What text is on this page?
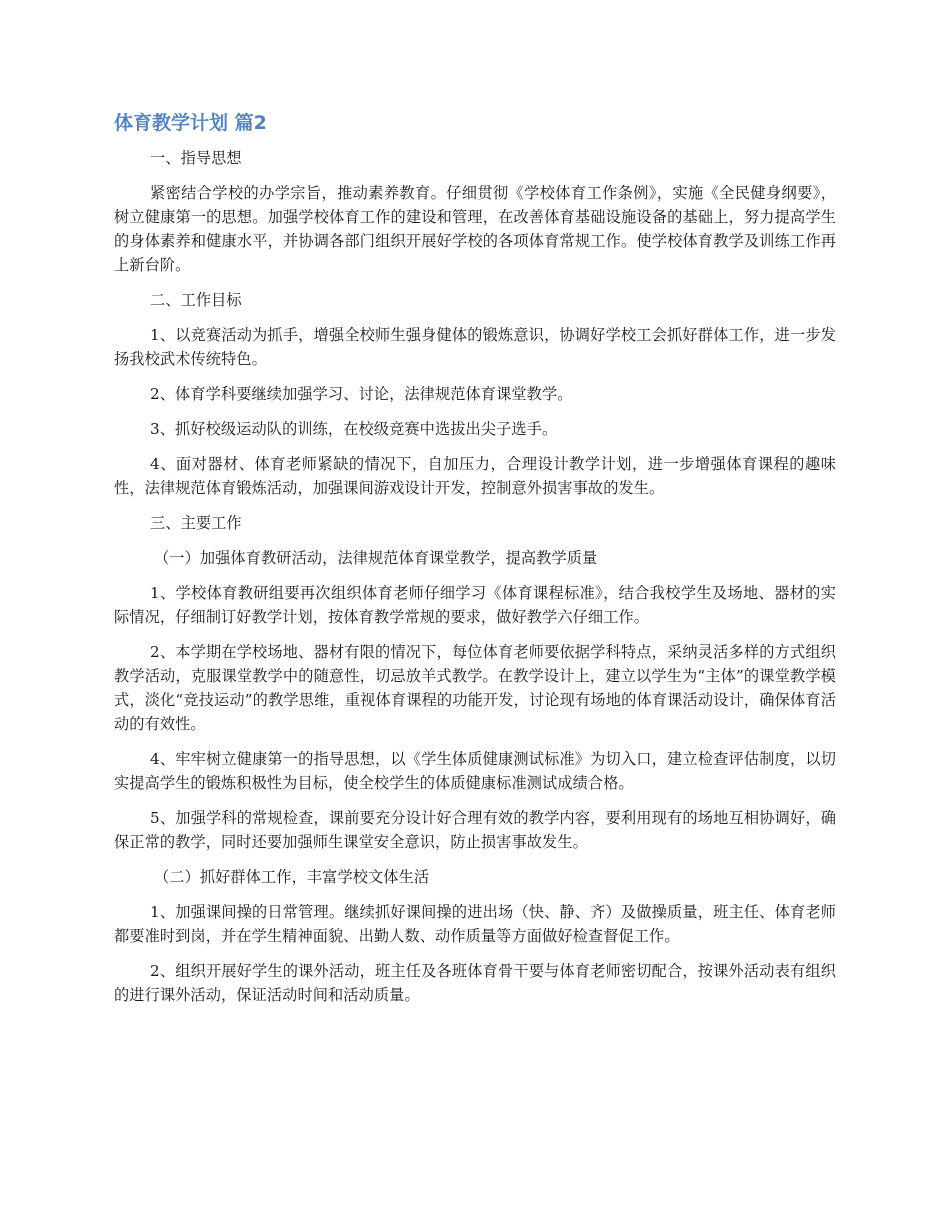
体育教学计划 篇2

一、指导思想

紧密结合学校的办学宗旨，推动素养教育。仔细贯彻《学校体育工作条例》，实施《全民健身纲要》，树立健康第一的思想。加强学校体育工作的建设和管理，在改善体育基础设施设备的基础上，努力提高学生的身体素养和健康水平，并协调各部门组织开展好学校的各项体育常规工作。使学校体育教学及训练工作再上新台阶。

二、工作目标

1、以竞赛活动为抓手，增强全校师生强身健体的锻炼意识，协调好学校工会抓好群体工作，进一步发扬我校武术传统特色。

2、体育学科要继续加强学习、讨论，法律规范体育课堂教学。

3、抓好校级运动队的训练，在校级竞赛中选拔出尖子选手。

4、面对器材、体育老师紧缺的情况下，自加压力，合理设计教学计划，进一步增强体育课程的趣味性，法律规范体育锻炼活动，加强课间游戏设计开发，控制意外损害事故的发生。

三、主要工作

（一）加强体育教研活动，法律规范体育课堂教学，提高教学质量

1、学校体育教研组要再次组织体育老师仔细学习《体育课程标准》，结合我校学生及场地、器材的实际情况，仔细制订好教学计划，按体育教学常规的要求，做好教学六仔细工作。

2、本学期在学校场地、器材有限的情况下，每位体育老师要依据学科特点，采纳灵活多样的方式组织教学活动，克服课堂教学中的随意性，切忌放羊式教学。在教学设计上，建立以学生为“主体”的课堂教学模式，淡化“竞技运动”的教学思维，重视体育课程的功能开发，讨论现有场地的体育课活动设计，确保体育活动的有效性。

4、牢牢树立健康第一的指导思想，以《学生体质健康测试标准》为切入口，建立检查评估制度，以切实提高学生的锻炼积极性为目标，使全校学生的体质健康标准测试成绩合格。

5、加强学科的常规检查，课前要充分设计好合理有效的教学内容，要利用现有的场地互相协调好，确保正常的教学，同时还要加强师生课堂安全意识，防止损害事故发生。

（二）抓好群体工作，丰富学校文体生活

1、加强课间操的日常管理。继续抓好课间操的进出场（快、静、齐）及做操质量，班主任、体育老师都要准时到岗，并在学生精神面貌、出勤人数、动作质量等方面做好检查督促工作。

2、组织开展好学生的课外活动，班主任及各班体育骨干要与体育老师密切配合，按课外活动表有组织的进行课外活动，保证活动时间和活动质量。
